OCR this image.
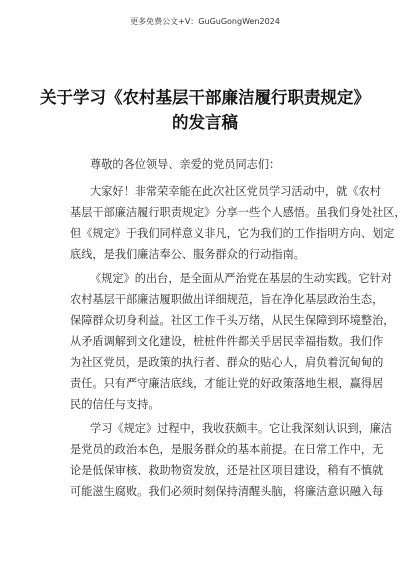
更多免费公文+V：GuGuGongWen2024
关于学习《农村基层干部廉洁履行职责规定》
的发言稿
尊敬的各位领导、亲爱的党员同志们：
大家好！非常荣幸能在此次社区党员学习活动中，就《农村
基层干部廉洁履行职责规定》分享一些个人感悟。虽我们身处社区，
但《规定》于我们同样意义非凡，它为我们的工作指明方向、划定
底线，是我们廉洁奉公、服务群众的行动指南。
《规定》的出台，是全面从严治党在基层的生动实践。它针对
农村基层干部廉洁履职做出详细规范，旨在净化基层政治生态，
保障群众切身利益。社区工作千头万绪，从民生保障到环境整治，
从矛盾调解到文化建设，桩桩件件都关乎居民幸福指数。我们作
为社区党员，是政策的执行者、群众的贴心人，肩负着沉甸甸的
责任。只有严守廉洁底线，才能让党的好政策落地生根，赢得居
民的信任与支持。
学习《规定》过程中，我收获颇丰。它让我深刻认识到，廉洁
是党员的政治本色，是服务群众的基本前提。在日常工作中，无
论是低保审核、救助物资发放，还是社区项目建设，稍有不慎就
可能滋生腐败。我们必须时刻保持清醒头脑，将廉洁意识融入每
